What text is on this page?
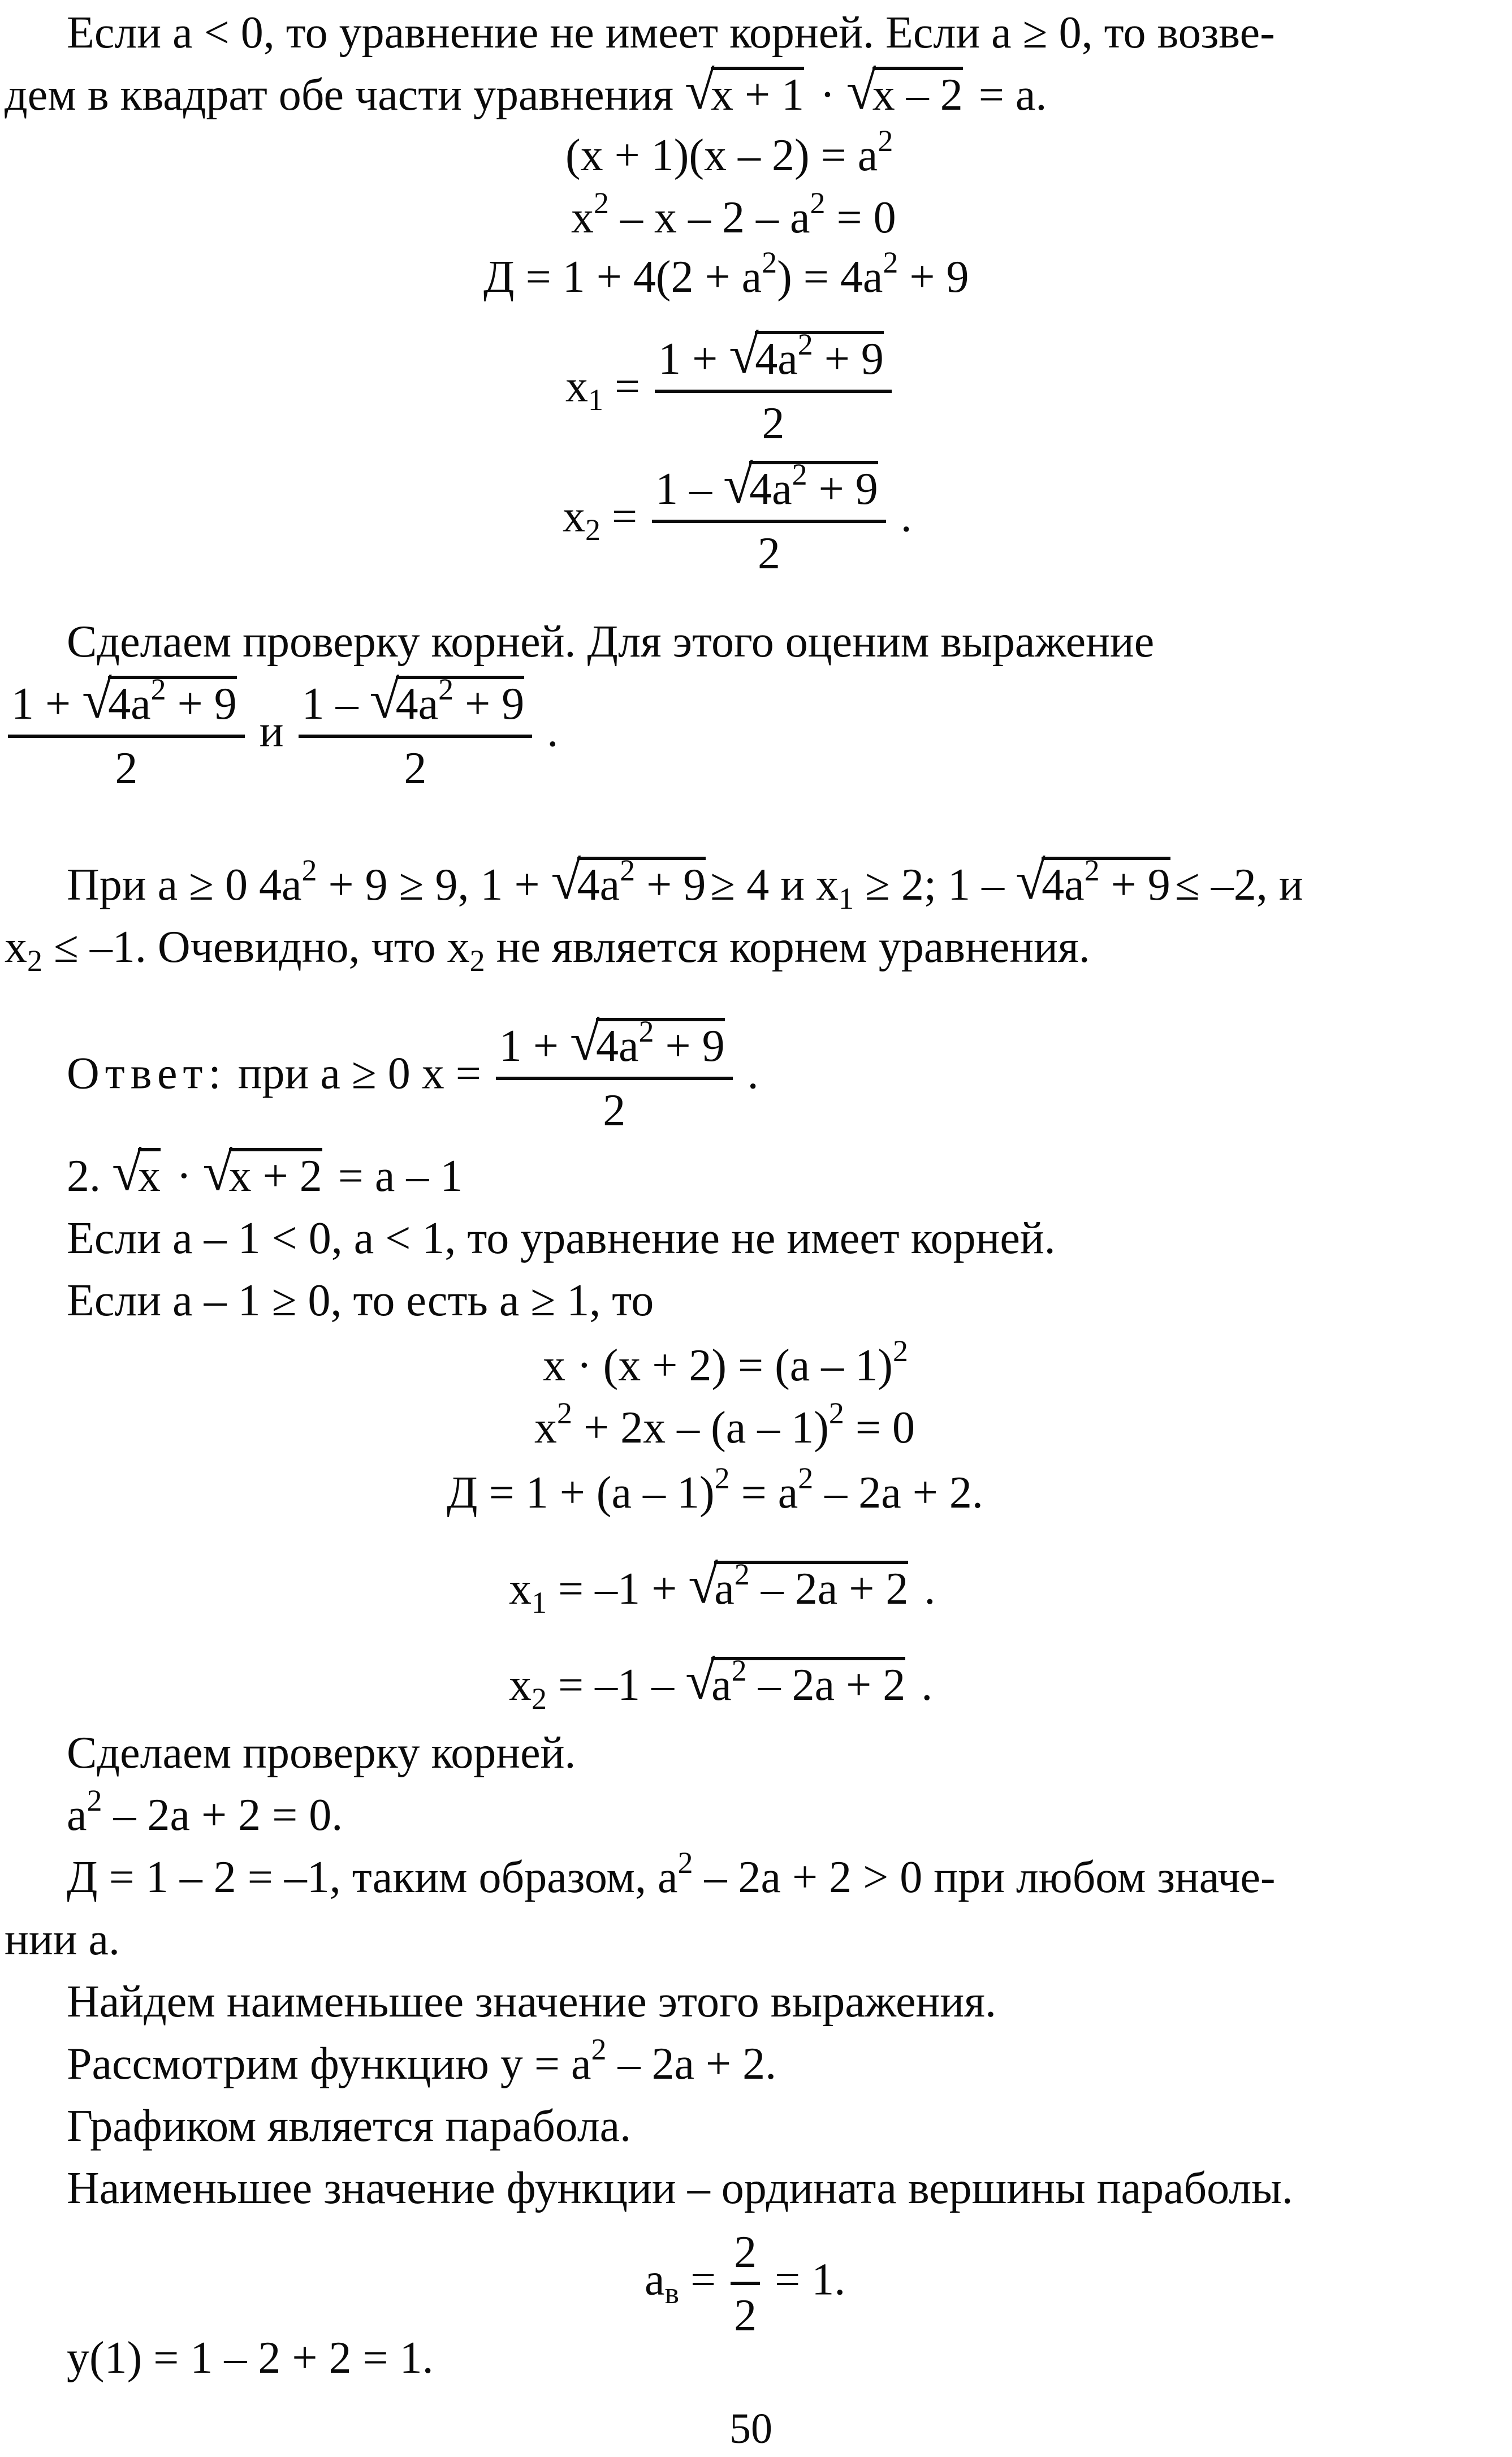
Если a < 0, то уравнение не имеет корней. Если a ≥ 0, то возве-
дем в квадрат обе части уравнения √ x + 1 · √ x – 2 = a.
$(x + 1)(x - 2) = a^2$
$x^2 - x - 2 - a^2 = 0$
$Д = 1 + 4(2 + a^2) = 4a^2 + 9$
$x_1 = \frac{1 + √ 4a^2 + 9}{2}$
$x_2 = \frac{1 - √ 4a^2 + 9}{2}$ .
Сделаем проверку корней. Для этого оценим выражение
$\frac{1 + √ 4a^2 + 9}{2}$ и $\frac{1 - √ 4a^2 + 9}{2}$ .
При a ≥ 0 $4a^2 + 9 \ge 9$, 1 + √ $4a^2 + 9 \ge 4$ и $x_1 \ge 2$; 1 – √ $4a^2 + 9 \le -2$, и
$x_2 \le -1$. Очевидно, что $x_2$ не является корнем уравнения.
Ответ: при a ≥ 0 $x = \frac{1 + √ 4a^2 + 9}{2}$ .
2. √ x · √ x + 2 = a – 1
Если a – 1 < 0, a < 1, то уравнение не имеет корней.
Если a – 1 ≥ 0, то есть a ≥ 1, то
x · (x + 2) = (a – 1)$^2$
$x^2 + 2x - (a - 1)^2 = 0$
$Д = 1 + (a - 1)^2 = a^2 - 2a + 2$.
$x_1 = -1$ + √ $a^2 - 2a + 2$ .
$x_2 = -1$ – √ $a^2 - 2a + 2$ .
Сделаем проверку корней.
$a^2 - 2a + 2 = 0$.
Д = 1 – 2 = –1, таким образом, $a^2 - 2a + 2 > 0$ при любом значе-
нии a.
Найдем наименьшее значение этого выражения.
Рассмотрим функцию $y = a^2 - 2a + 2$.
Графиком является парабола.
Наименьшее значение функции – ордината вершины параболы.
$a_в = \frac{2}{2} = 1$.
y(1) = 1 – 2 + 2 = 1.
50
